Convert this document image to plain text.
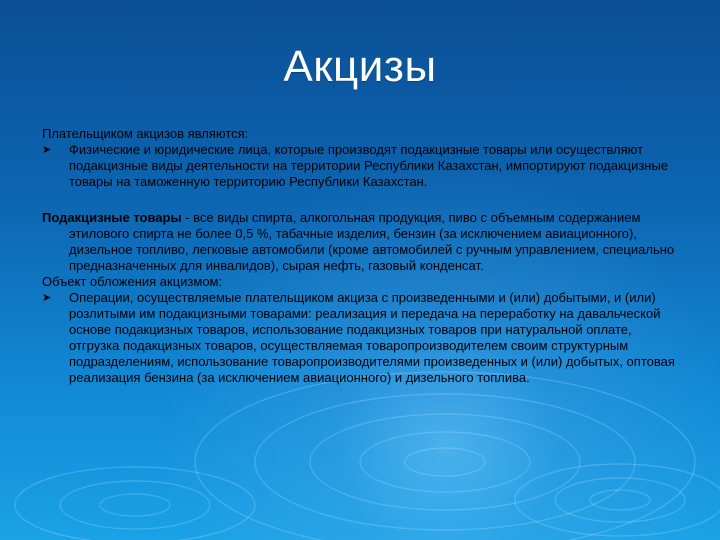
Акцизы

Плательщиком акцизов являются:

➤	Физические и юридические лица, которые производят подакцизные товары или осуществляют подакцизные виды деятельности на территории Республики Казахстан, импортируют подакцизные товары на таможенную территорию Республики Казахстан.

Подакцизные товары - все виды спирта, алкогольная продукция, пиво с объемным содержанием этилового спирта не более 0,5 %, табачные изделия, бензин (за исключением авиационного), дизельное топливо, легковые автомобили (кроме автомобилей с ручным управлением, специально предназначенных для инвалидов), сырая нефть, газовый конденсат.

Объект обложения акцизмом:

➤	Операции, осуществляемые плательщиком акциза с произведенными и (или) добытыми, и (или) розлитыми им подакцизными товарами: реализация и передача на переработку на давальческой основе подакцизных товаров, использование подакцизных товаров при натуральной оплате, отгрузка подакцизных товаров, осуществляемая товаропроизводителем своим структурным подразделениям, использование товаропроизводителями произведенных и (или) добытых, оптовая реализация бензина (за исключением авиационного) и дизельного топлива.
